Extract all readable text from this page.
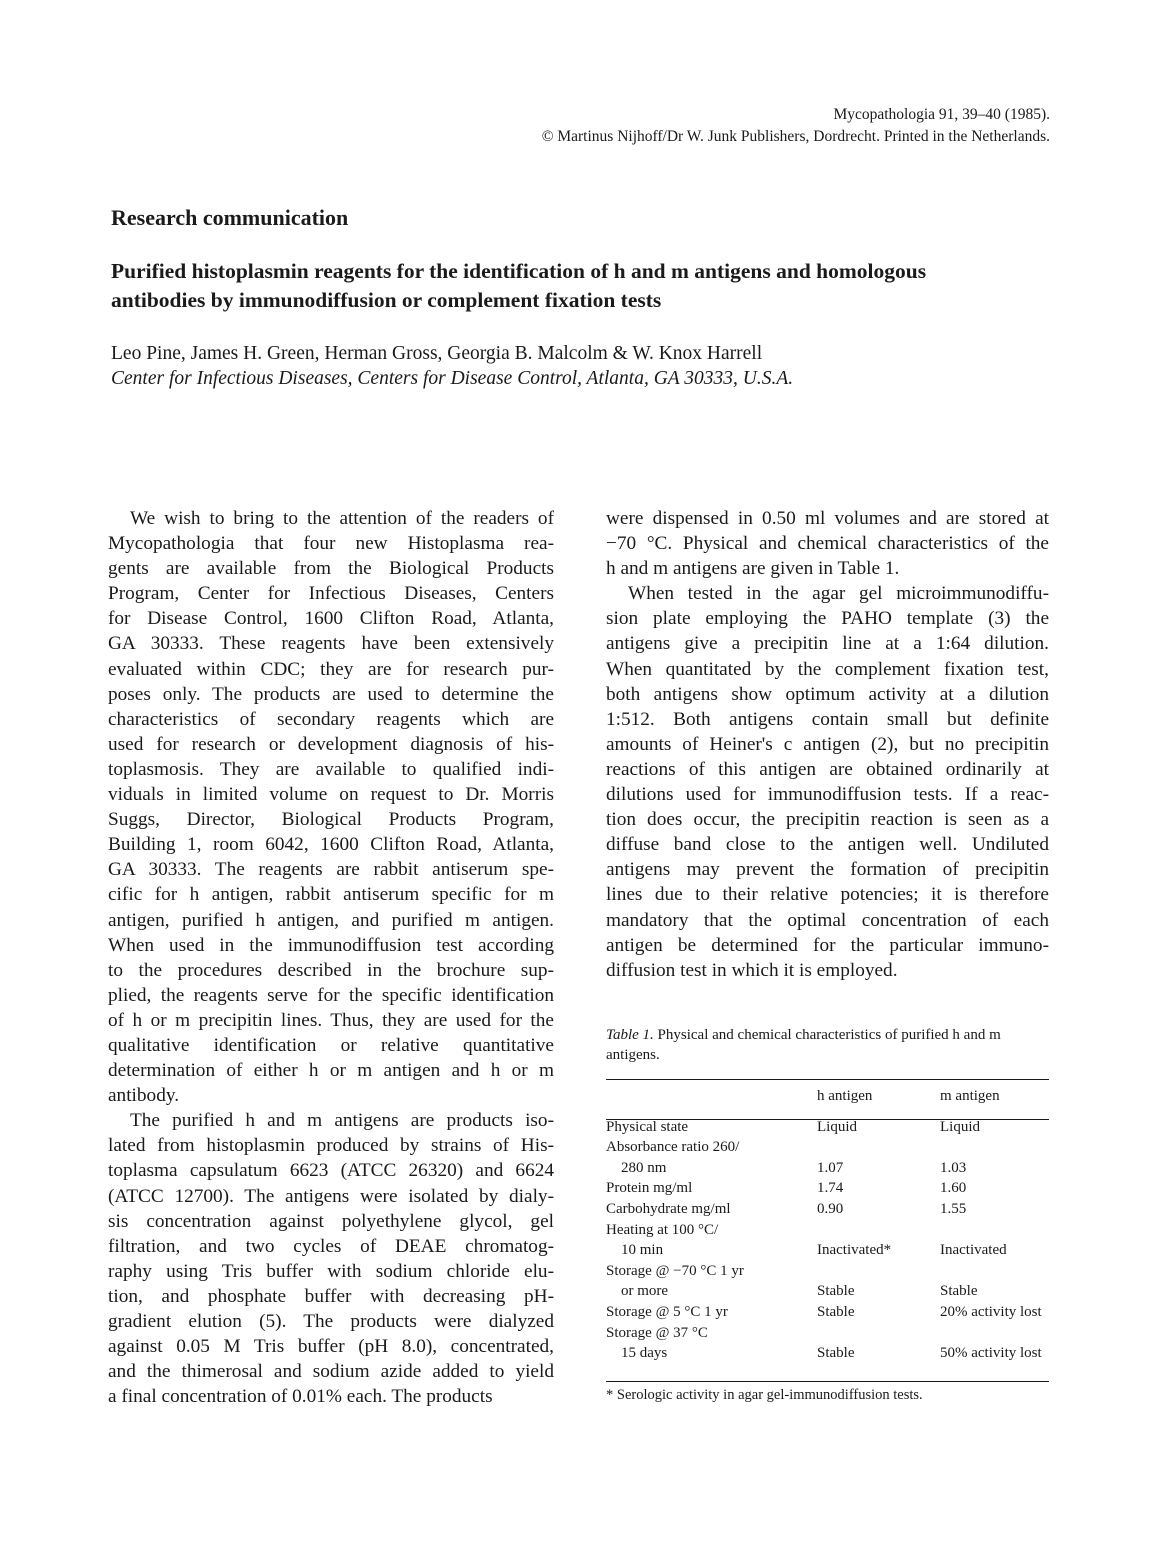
Mycopathologia 91, 39–40 (1985).
© Martinus Nijhoff/Dr W. Junk Publishers, Dordrecht. Printed in the Netherlands.
Research communication
Purified histoplasmin reagents for the identification of h and m antigens and homologous
antibodies by immunodiffusion or complement fixation tests
Leo Pine, James H. Green, Herman Gross, Georgia B. Malcolm & W. Knox Harrell
Center for Infectious Diseases, Centers for Disease Control, Atlanta, GA 30333, U.S.A.
We wish to bring to the attention of the readers of
Mycopathologia that four new Histoplasma rea-
gents are available from the Biological Products
Program, Center for Infectious Diseases, Centers
for Disease Control, 1600 Clifton Road, Atlanta,
GA 30333. These reagents have been extensively
evaluated within CDC; they are for research pur-
poses only. The products are used to determine the
characteristics of secondary reagents which are
used for research or development diagnosis of his-
toplasmosis. They are available to qualified indi-
viduals in limited volume on request to Dr. Morris
Suggs, Director, Biological Products Program,
Building 1, room 6042, 1600 Clifton Road, Atlanta,
GA 30333. The reagents are rabbit antiserum spe-
cific for h antigen, rabbit antiserum specific for m
antigen, purified h antigen, and purified m antigen.
When used in the immunodiffusion test according
to the procedures described in the brochure sup-
plied, the reagents serve for the specific identification
of h or m precipitin lines. Thus, they are used for the
qualitative identification or relative quantitative
determination of either h or m antigen and h or m
antibody.
The purified h and m antigens are products iso-
lated from histoplasmin produced by strains of His-
toplasma capsulatum 6623 (ATCC 26320) and 6624
(ATCC 12700). The antigens were isolated by dialy-
sis concentration against polyethylene glycol, gel
filtration, and two cycles of DEAE chromatog-
raphy using Tris buffer with sodium chloride elu-
tion, and phosphate buffer with decreasing pH-
gradient elution (5). The products were dialyzed
against 0.05 M Tris buffer (pH 8.0), concentrated,
and the thimerosal and sodium azide added to yield
a final concentration of 0.01% each. The products
were dispensed in 0.50 ml volumes and are stored at
−70 °C. Physical and chemical characteristics of the
h and m antigens are given in Table 1.
When tested in the agar gel microimmunodiffu-
sion plate employing the PAHO template (3) the
antigens give a precipitin line at a 1:64 dilution.
When quantitated by the complement fixation test,
both antigens show optimum activity at a dilution
1:512. Both antigens contain small but definite
amounts of Heiner's c antigen (2), but no precipitin
reactions of this antigen are obtained ordinarily at
dilutions used for immunodiffusion tests. If a reac-
tion does occur, the precipitin reaction is seen as a
diffuse band close to the antigen well. Undiluted
antigens may prevent the formation of precipitin
lines due to their relative potencies; it is therefore
mandatory that the optimal concentration of each
antigen be determined for the particular immuno-
diffusion test in which it is employed.
Table 1. Physical and chemical characteristics of purified h and m antigens.
	h antigen	m antigen
Physical state	Liquid	Liquid
Absorbance ratio 260/		
280 nm	1.07	1.03
Protein mg/ml	1.74	1.60
Carbohydrate mg/ml	0.90	1.55
Heating at 100 °C/		
10 min	Inactivated*	Inactivated
Storage @ −70 °C 1 yr		
or more	Stable	Stable
Storage @ 5 °C 1 yr	Stable	20% activity lost
Storage @ 37 °C		
15 days	Stable	50% activity lost
* Serologic activity in agar gel-immunodiffusion tests.
